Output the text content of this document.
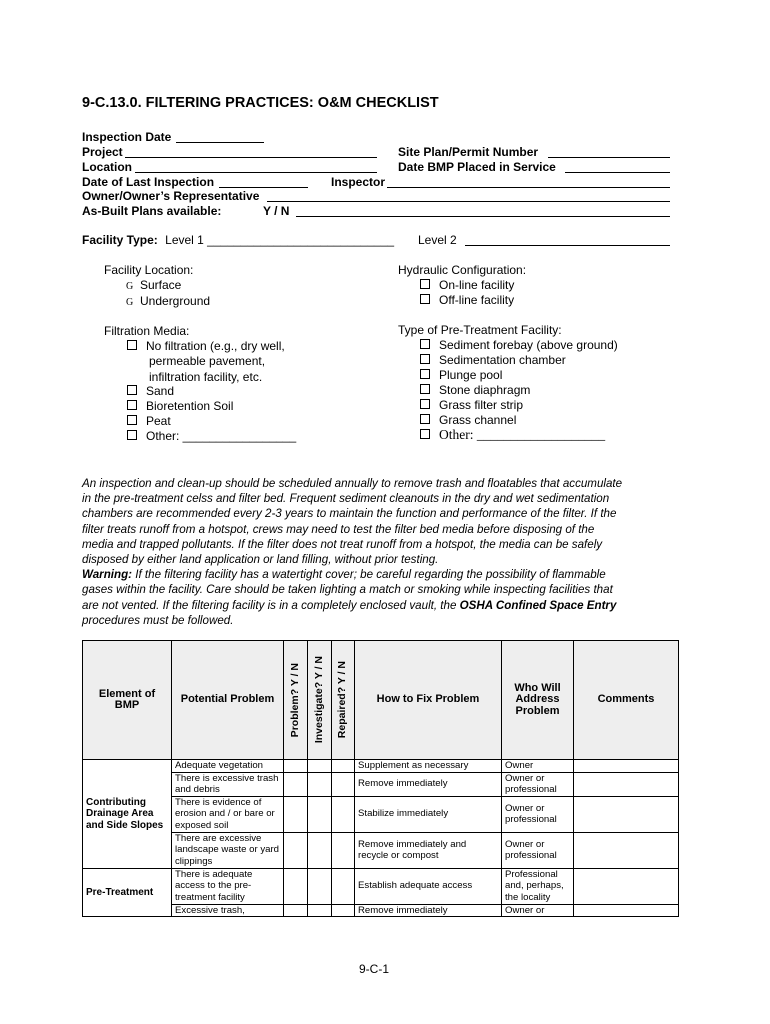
9-C.13.0. FILTERING PRACTICES: O&M CHECKLIST
Inspection Date
Project
Location
Date of Last Inspection	Inspector
Owner/Owner’s Representative
As-Built Plans available:	Y / N
Site Plan/Permit Number
Date BMP Placed in Service
Facility Type: Level 1 ____________________________ Level 2
Facility Location:
G Surface
G Underground
Hydraulic Configuration:
On-line facility
Off-line facility
Filtration Media:
No filtration (e.g., dry well,
permeable pavement,
infiltration facility, etc.
Sand
Bioretention Soil
Peat
Other: _________________
Type of Pre-Treatment Facility:
Sediment forebay (above ground)
Sedimentation chamber
Plunge pool
Stone diaphragm
Grass filter strip
Grass channel
Other: ___________________
An inspection and clean-up should be scheduled annually to remove trash and floatables that accumulate
in the pre-treatment celss and filter bed. Frequent sediment cleanouts in the dry and wet sedimentation
chambers are recommended every 2-3 years to maintain the function and performance of the filter. If the
filter treats runoff from a hotspot, crews may need to test the filter bed media before disposing of the
media and trapped pollutants. If the filter does not treat runoff from a hotspot, the media can be safely
disposed by either land application or land filling, without prior testing.
Warning: If the filtering facility has a watertight cover; be careful regarding the possibility of flammable
gases within the facility. Care should be taken lighting a match or smoking while inspecting facilities that
are not vented. If the filtering facility is in a completely enclosed vault, the OSHA Confined Space Entry
procedures must be followed.
Element of BMP	Potential Problem	Problem? Y / N	Investigate? Y / N	Repaired? Y / N	How to Fix Problem	Who Will Address Problem	Comments
Contributing Drainage Area and Side Slopes	Adequate vegetation				Supplement as necessary	Owner	
	There is excessive trash and debris				Remove immediately	Owner or professional	
	There is evidence of erosion and / or bare or exposed soil				Stabilize immediately	Owner or professional	
	There are excessive landscape waste or yard clippings				Remove immediately and recycle or compost	Owner or professional	
Pre-Treatment	There is adequate access to the pre-treatment facility				Establish adequate access	Professional and, perhaps, the locality	
	Excessive trash,				Remove immediately	Owner or	
9-C-1
